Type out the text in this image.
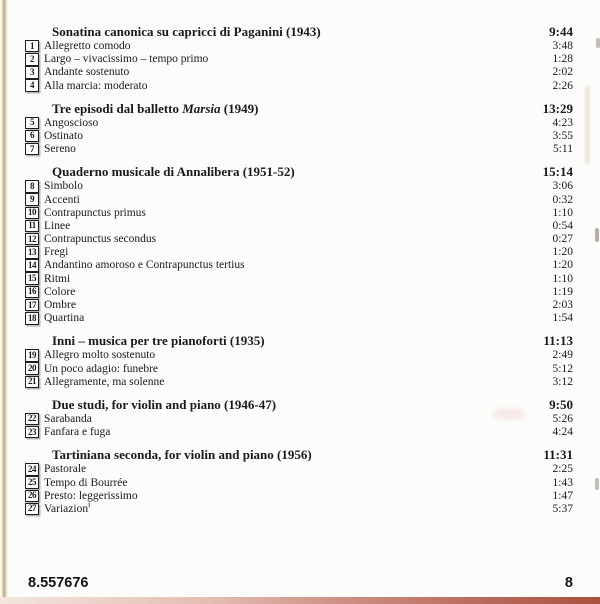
Sonatina canonica su capricci di Paganini (1943)	9:44
1 Allegretto comodo	3:48
2 Largo – vivacissimo – tempo primo	1:28
3 Andante sostenuto	2:02
4 Alla marcia: moderato	2:26
Tre episodi dal balletto Marsia (1949)	13:29
5 Angoscioso	4:23
6 Ostinato	3:55
7 Sereno	5:11
Quaderno musicale di Annalibera (1951-52)	15:14
8 Simbolo	3:06
9 Accenti	0:32
10 Contrapunctus primus	1:10
11 Linee	0:54
12 Contrapunctus secondus	0:27
13 Fregi	1:20
14 Andantino amoroso e Contrapunctus tertius	1:20
15 Ritmi	1:10
16 Colore	1:19
17 Ombre	2:03
18 Quartina	1:54
Inni – musica per tre pianoforti (1935)	11:13
19 Allegro molto sostenuto	2:49
20 Un poco adagio: funebre	5:12
21 Allegramente, ma solenne	3:12
Due studi, for violin and piano (1946-47)	9:50
22 Sarabanda	5:26
23 Fanfara e fuga	4:24
Tartiniana seconda, for violin and piano (1956)	11:31
24 Pastorale	2:25
25 Tempo di Bourrée	1:43
26 Presto: leggerissimo	1:47
27 Variazion$^i$	5:37
8.557676	8
